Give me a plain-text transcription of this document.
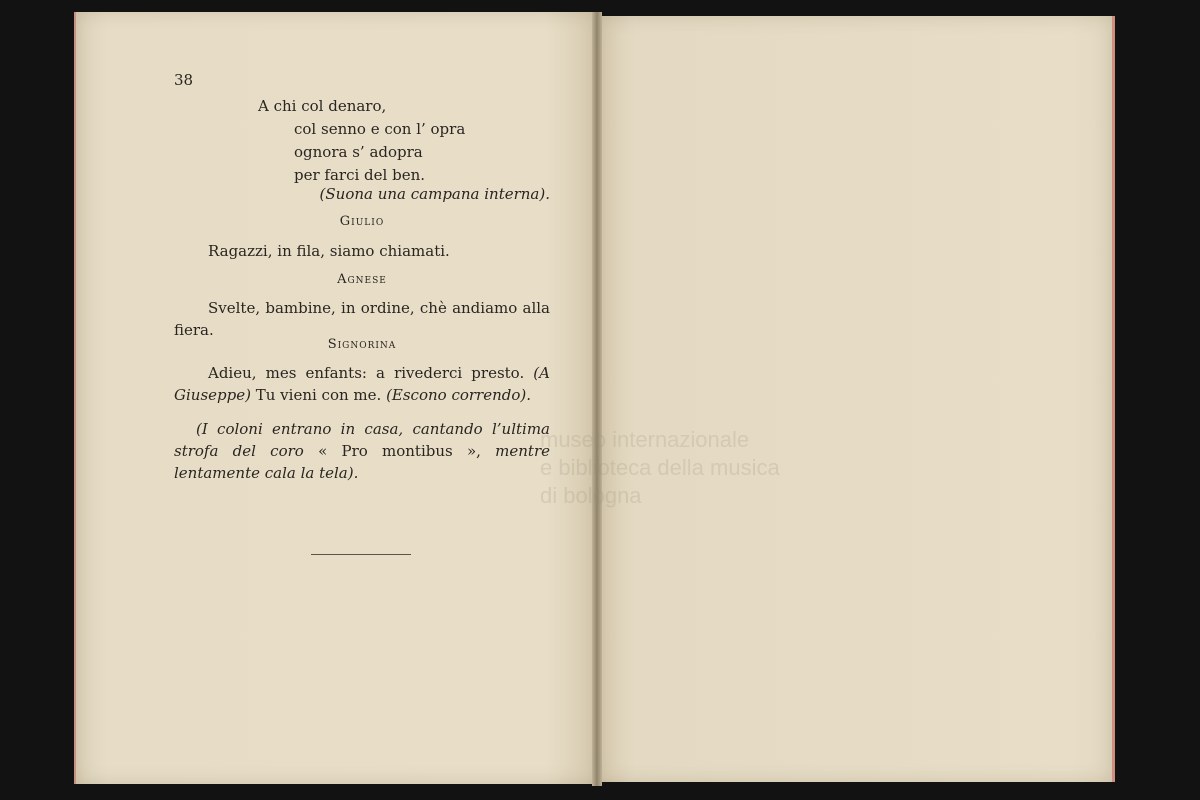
38
A chi col denaro,
col senno e con l’ opra
ognora s’ adopra
per farci del ben.
(Suona una campana interna).
Giulio
Ragazzi, in fila, siamo chiamati.
Agnese
Svelte, bambine, in ordine, chè andiamo alla fiera.
Signorina
Adieu, mes enfants: a rivederci presto. (A Giuseppe) Tu vieni con me. (Escono correndo).
(I coloni entrano in casa, cantando l’ultima strofa del coro « Pro montibus », mentre lentamente cala la tela).
museo internazionale
e biblioteca della musica
di bologna
